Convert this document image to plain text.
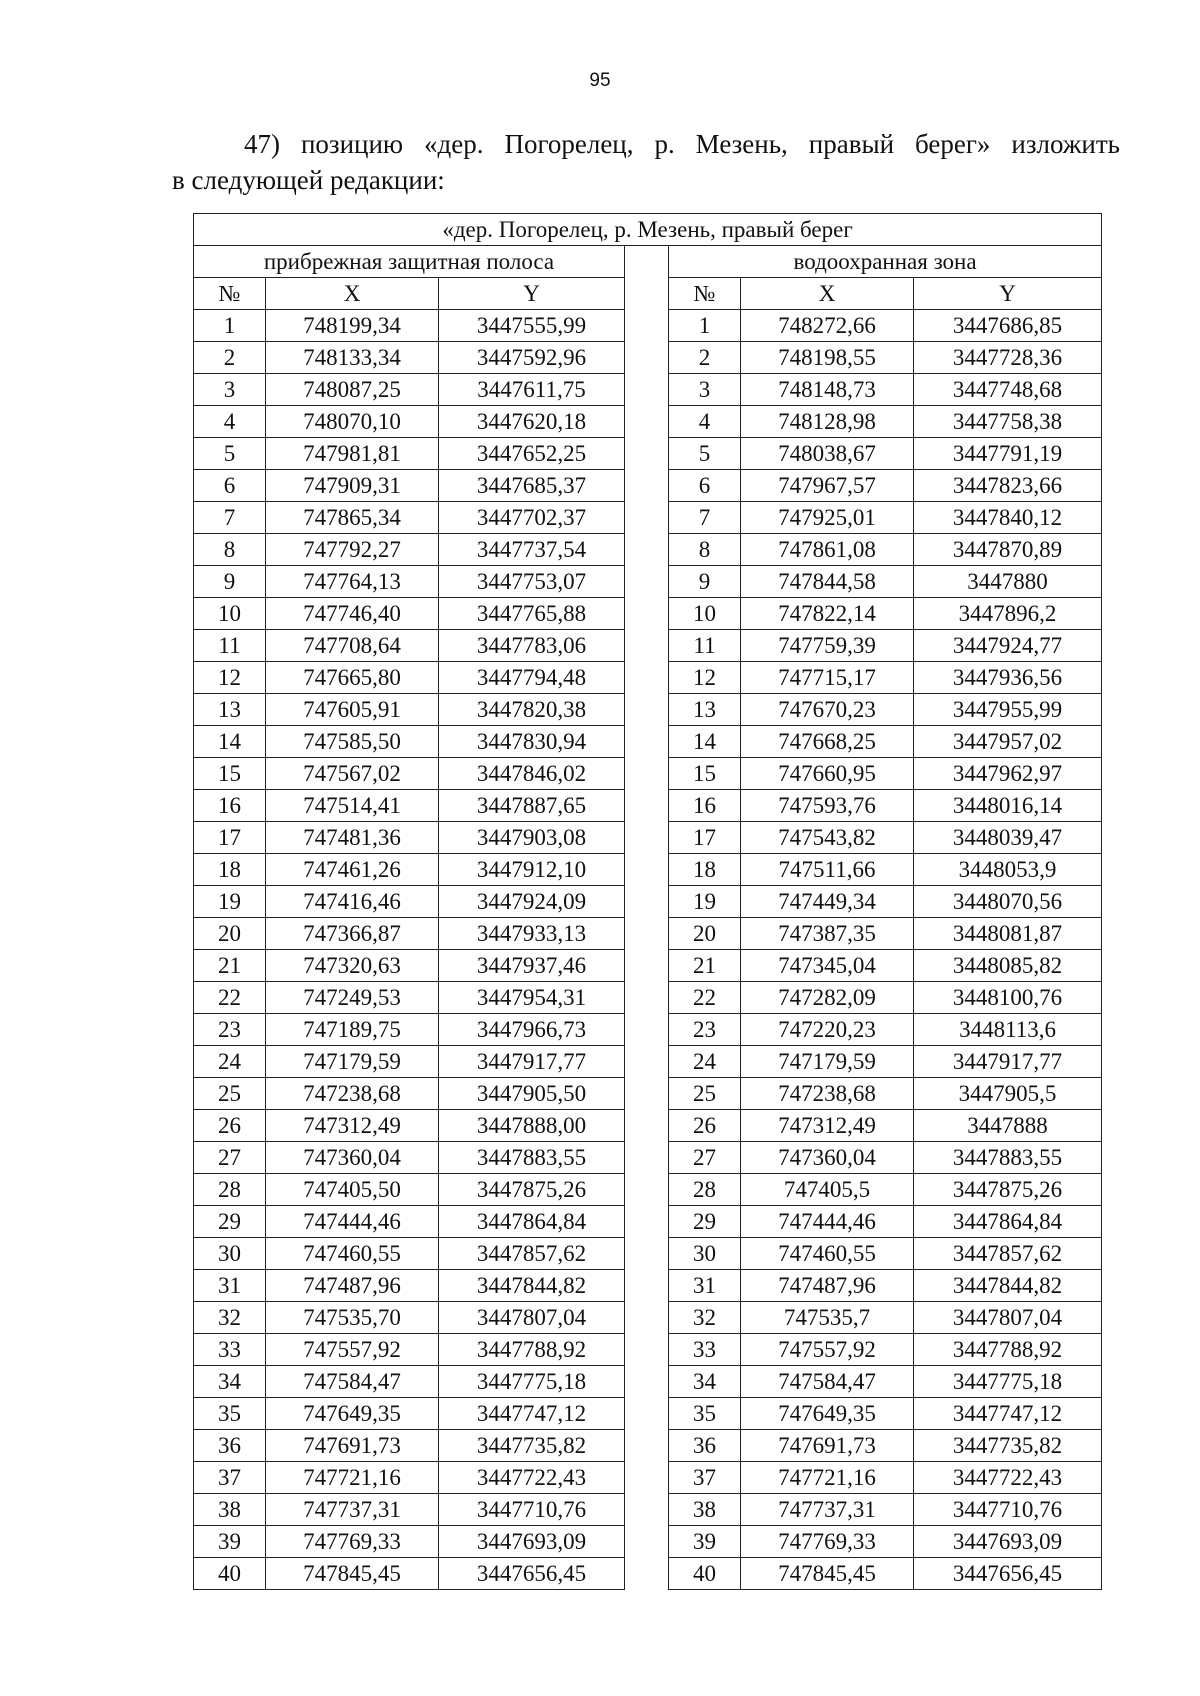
95
47) позицию «дер. Погорелец, р. Мезень, правый берег» изложить
в следующей редакции:
«дер. Погорелец, р. Мезень, правый берег						
прибрежная защитная полоса				водоохранная зона		
№	X	Y		№	X	Y
1	748199,34	3447555,99		1	748272,66	3447686,85
2	748133,34	3447592,96		2	748198,55	3447728,36
3	748087,25	3447611,75		3	748148,73	3447748,68
4	748070,10	3447620,18		4	748128,98	3447758,38
5	747981,81	3447652,25		5	748038,67	3447791,19
6	747909,31	3447685,37		6	747967,57	3447823,66
7	747865,34	3447702,37		7	747925,01	3447840,12
8	747792,27	3447737,54		8	747861,08	3447870,89
9	747764,13	3447753,07		9	747844,58	3447880
10	747746,40	3447765,88		10	747822,14	3447896,2
11	747708,64	3447783,06		11	747759,39	3447924,77
12	747665,80	3447794,48		12	747715,17	3447936,56
13	747605,91	3447820,38		13	747670,23	3447955,99
14	747585,50	3447830,94		14	747668,25	3447957,02
15	747567,02	3447846,02		15	747660,95	3447962,97
16	747514,41	3447887,65		16	747593,76	3448016,14
17	747481,36	3447903,08		17	747543,82	3448039,47
18	747461,26	3447912,10		18	747511,66	3448053,9
19	747416,46	3447924,09		19	747449,34	3448070,56
20	747366,87	3447933,13		20	747387,35	3448081,87
21	747320,63	3447937,46		21	747345,04	3448085,82
22	747249,53	3447954,31		22	747282,09	3448100,76
23	747189,75	3447966,73		23	747220,23	3448113,6
24	747179,59	3447917,77		24	747179,59	3447917,77
25	747238,68	3447905,50		25	747238,68	3447905,5
26	747312,49	3447888,00		26	747312,49	3447888
27	747360,04	3447883,55		27	747360,04	3447883,55
28	747405,50	3447875,26		28	747405,5	3447875,26
29	747444,46	3447864,84		29	747444,46	3447864,84
30	747460,55	3447857,62		30	747460,55	3447857,62
31	747487,96	3447844,82		31	747487,96	3447844,82
32	747535,70	3447807,04		32	747535,7	3447807,04
33	747557,92	3447788,92		33	747557,92	3447788,92
34	747584,47	3447775,18		34	747584,47	3447775,18
35	747649,35	3447747,12		35	747649,35	3447747,12
36	747691,73	3447735,82		36	747691,73	3447735,82
37	747721,16	3447722,43		37	747721,16	3447722,43
38	747737,31	3447710,76		38	747737,31	3447710,76
39	747769,33	3447693,09		39	747769,33	3447693,09
40	747845,45	3447656,45		40	747845,45	3447656,45
